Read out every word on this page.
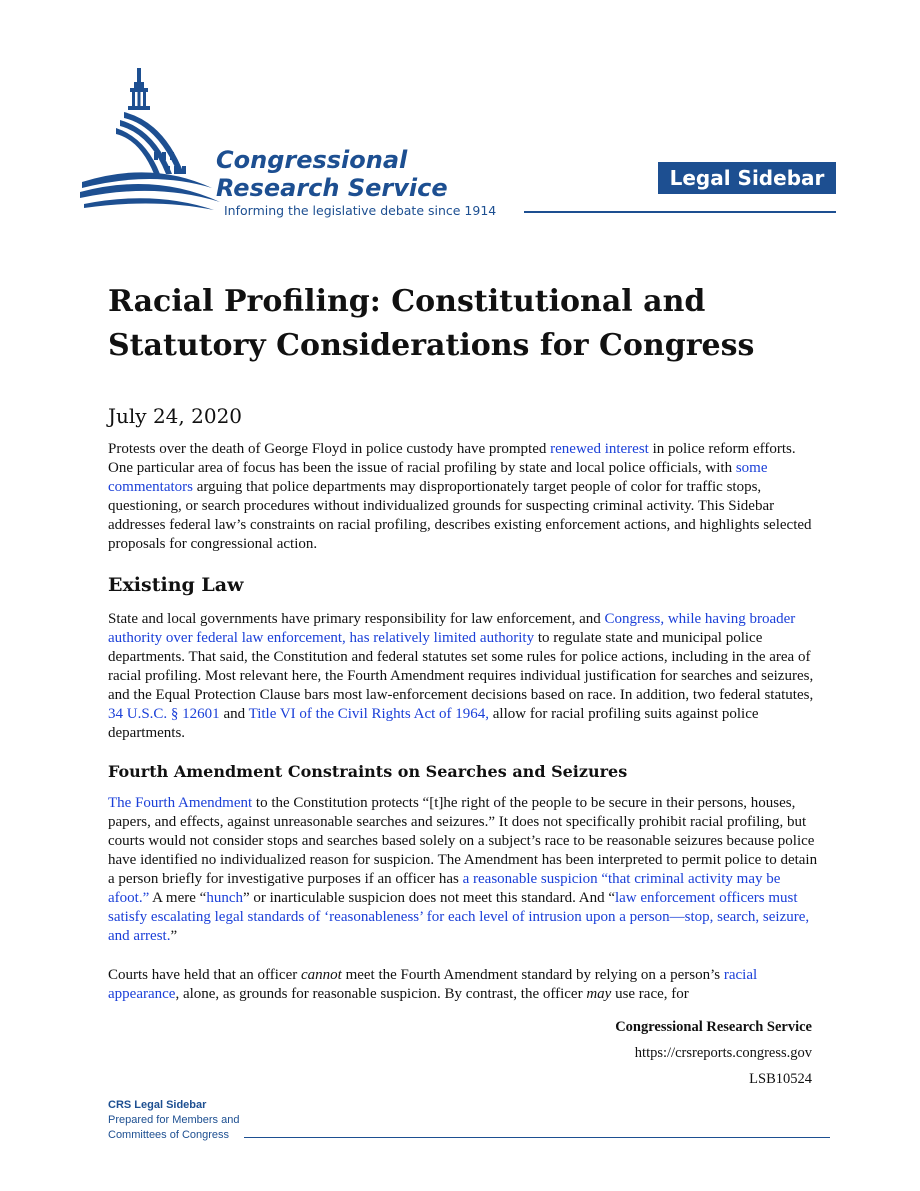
Congressional
Research Service
Informing the legislative debate since 1914
Legal Sidebar
Racial Profiling: Constitutional and Statutory Considerations for Congress
July 24, 2020

Protests over the death of George Floyd in police custody have prompted renewed interest in police reform efforts. One particular area of focus has been the issue of racial profiling by state and local police officials, with some commentators arguing that police departments may disproportionately target people of color for traffic stops, questioning, or search procedures without individualized grounds for suspecting criminal activity. This Sidebar addresses federal law’s constraints on racial profiling, describes existing enforcement actions, and highlights selected proposals for congressional action.

Existing Law

State and local governments have primary responsibility for law enforcement, and Congress, while having broader authority over federal law enforcement, has relatively limited authority to regulate state and municipal police departments. That said, the Constitution and federal statutes set some rules for police actions, including in the area of racial profiling. Most relevant here, the Fourth Amendment requires individual justification for searches and seizures, and the Equal Protection Clause bars most law-enforcement decisions based on race. In addition, two federal statutes, 34 U.S.C. § 12601 and Title VI of the Civil Rights Act of 1964, allow for racial profiling suits against police departments.

Fourth Amendment Constraints on Searches and Seizures

The Fourth Amendment to the Constitution protects “[t]he right of the people to be secure in their persons, houses, papers, and effects, against unreasonable searches and seizures.” It does not specifically prohibit racial profiling, but courts would not consider stops and searches based solely on a subject’s race to be reasonable seizures because police have identified no individualized reason for suspicion. The Amendment has been interpreted to permit police to detain a person briefly for investigative purposes if an officer has a reasonable suspicion “that criminal activity may be afoot.” A mere “hunch” or inarticulable suspicion does not meet this standard. And “law enforcement officers must satisfy escalating legal standards of ‘reasonableness’ for each level of intrusion upon a person—stop, search, seizure, and arrest.”

Courts have held that an officer cannot meet the Fourth Amendment standard by relying on a person’s racial appearance, alone, as grounds for reasonable suspicion. By contrast, the officer may use race, for

Congressional Research Service
https://crsreports.congress.gov
LSB10524
CRS Legal Sidebar
Prepared for Members and
Committees of Congress
